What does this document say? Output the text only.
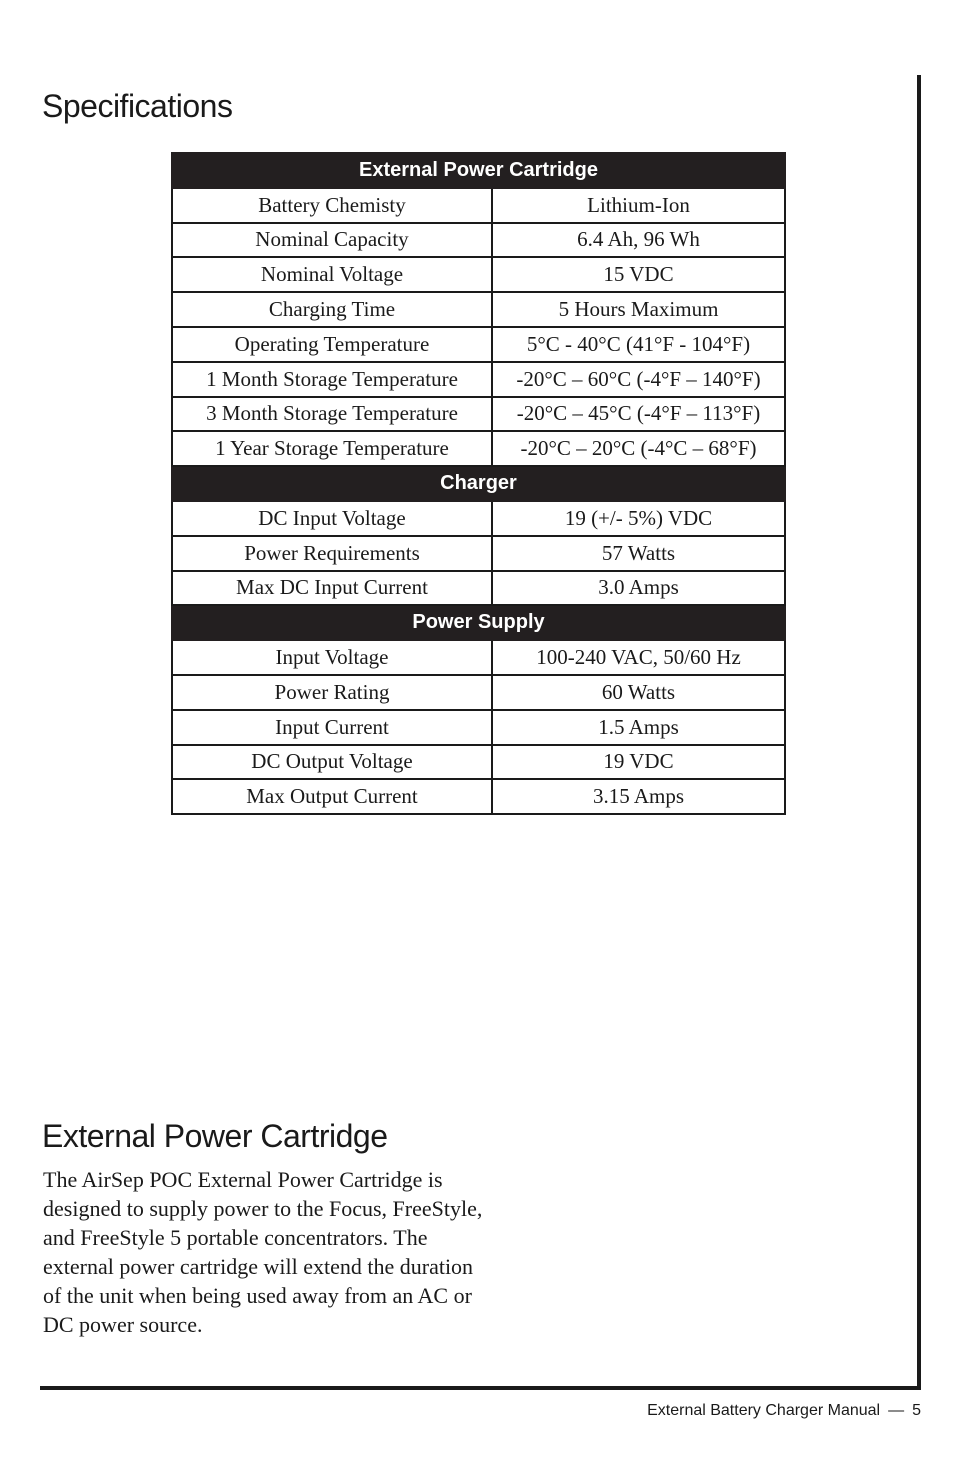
Specifications
External Power Cartridge	
Battery Chemisty	Lithium-Ion
Nominal Capacity	6.4 Ah, 96 Wh
Nominal Voltage	15 VDC
Charging Time	5 Hours Maximum
Operating Temperature	5°C - 40°C (41°F - 104°F)
1 Month Storage Temperature	-20°C – 60°C (-4°F – 140°F)
3 Month Storage Temperature	-20°C – 45°C (-4°F – 113°F)
1 Year Storage Temperature	-20°C – 20°C (-4°C – 68°F)
Charger	
DC Input Voltage	19 (+/- 5%) VDC
Power Requirements	57 Watts
Max DC Input Current	3.0 Amps
Power Supply	
Input Voltage	100-240 VAC, 50/60 Hz
Power Rating	60 Watts
Input Current	1.5 Amps
DC Output Voltage	19 VDC
Max Output Current	3.15 Amps
External Power Cartridge

The AirSep POC External Power Cartridge is designed to supply power to the Focus, FreeStyle, and FreeStyle 5 portable concentrators. The external power cartridge will extend the duration of the unit when being used away from an AC or DC power source.

External Battery Charger Manual — 5
